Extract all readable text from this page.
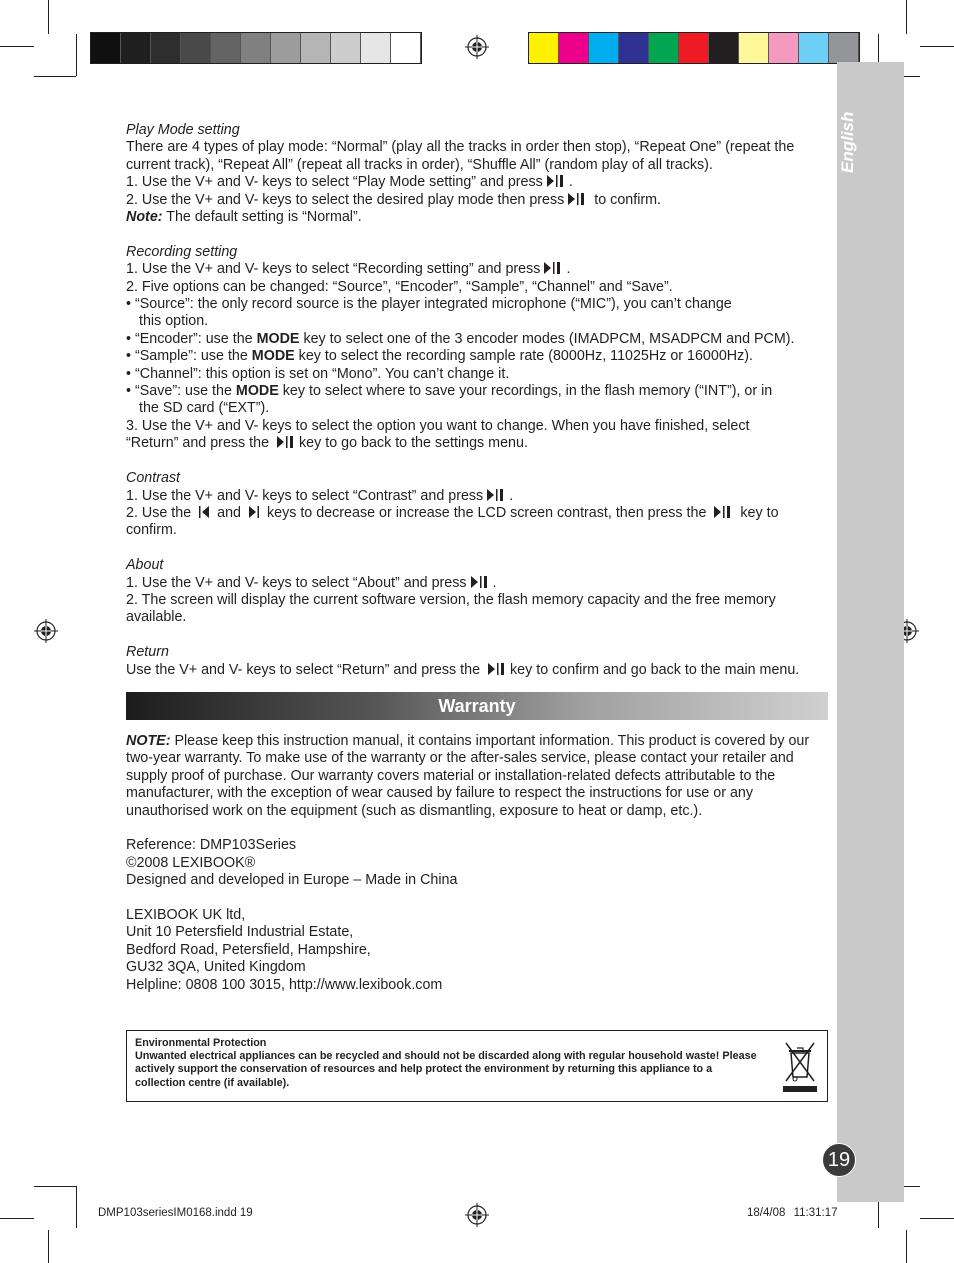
English
19

Play Mode setting

There are 4 types of play mode: “Normal” (play all the tracks in order then stop), “Repeat One” (repeat the current track), “Repeat All” (repeat all tracks in order), “Shuffle All” (random play of all tracks).

1. Use the V+ and V- keys to select “Play Mode setting” and press .

2. Use the V+ and V- keys to select the desired play mode then press to confirm.

Note: The default setting is “Normal”.

Recording setting

1. Use the V+ and V- keys to select “Recording setting” and press .

2. Five options can be changed: “Source”, “Encoder”, “Sample”, “Channel” and “Save”.

• “Source”: the only record source is the player integrated microphone (“MIC”), you can’t change

this option.

• “Encoder”: use the MODE key to select one of the 3 encoder modes (IMADPCM, MSADPCM and PCM).

• “Sample”: use the MODE key to select the recording sample rate (8000Hz, 11025Hz or 16000Hz).

• “Channel”: this option is set on “Mono”. You can’t change it.

• “Save”: use the MODE key to select where to save your recordings, in the flash memory (“INT”), or in

the SD card (“EXT”).

3. Use the V+ and V- keys to select the option you want to change. When you have finished, select

“Return” and press the key to go back to the settings menu.

Contrast

1. Use the V+ and V- keys to select “Contrast” and press .

2. Use the and keys to decrease or increase the LCD screen contrast, then press the key to

confirm.

About

1. Use the V+ and V- keys to select “About” and press .

2. The screen will display the current software version, the flash memory capacity and the free memory available.

Return

Use the V+ and V- keys to select “Return” and press the key to confirm and go back to the main menu.

Warranty

NOTE: Please keep this instruction manual, it contains important information. This product is covered by our two-year warranty. To make use of the warranty or the after-sales service, please contact your retailer and supply proof of purchase. Our warranty covers material or installation-related defects attributable to the manufacturer, with the exception of wear caused by failure to respect the instructions for use or any unauthorised work on the equipment (such as dismantling, exposure to heat or damp, etc.).

Reference: DMP103Series

©2008 LEXIBOOK®

Designed and developed in Europe – Made in China

LEXIBOOK UK ltd,

Unit 10 Petersfield Industrial Estate,

Bedford Road, Petersfield, Hampshire,

GU32 3QA, United Kingdom

Helpline: 0808 100 3015, http://www.lexibook.com

Environmental Protection
Unwanted electrical appliances can be recycled and should not be discarded along with regular household waste! Please actively support the conservation of resources and help protect the environment by returning this appliance to a collection centre (if available).
DMP103seriesIM0168.indd 19	18/4/08 11:31:17
